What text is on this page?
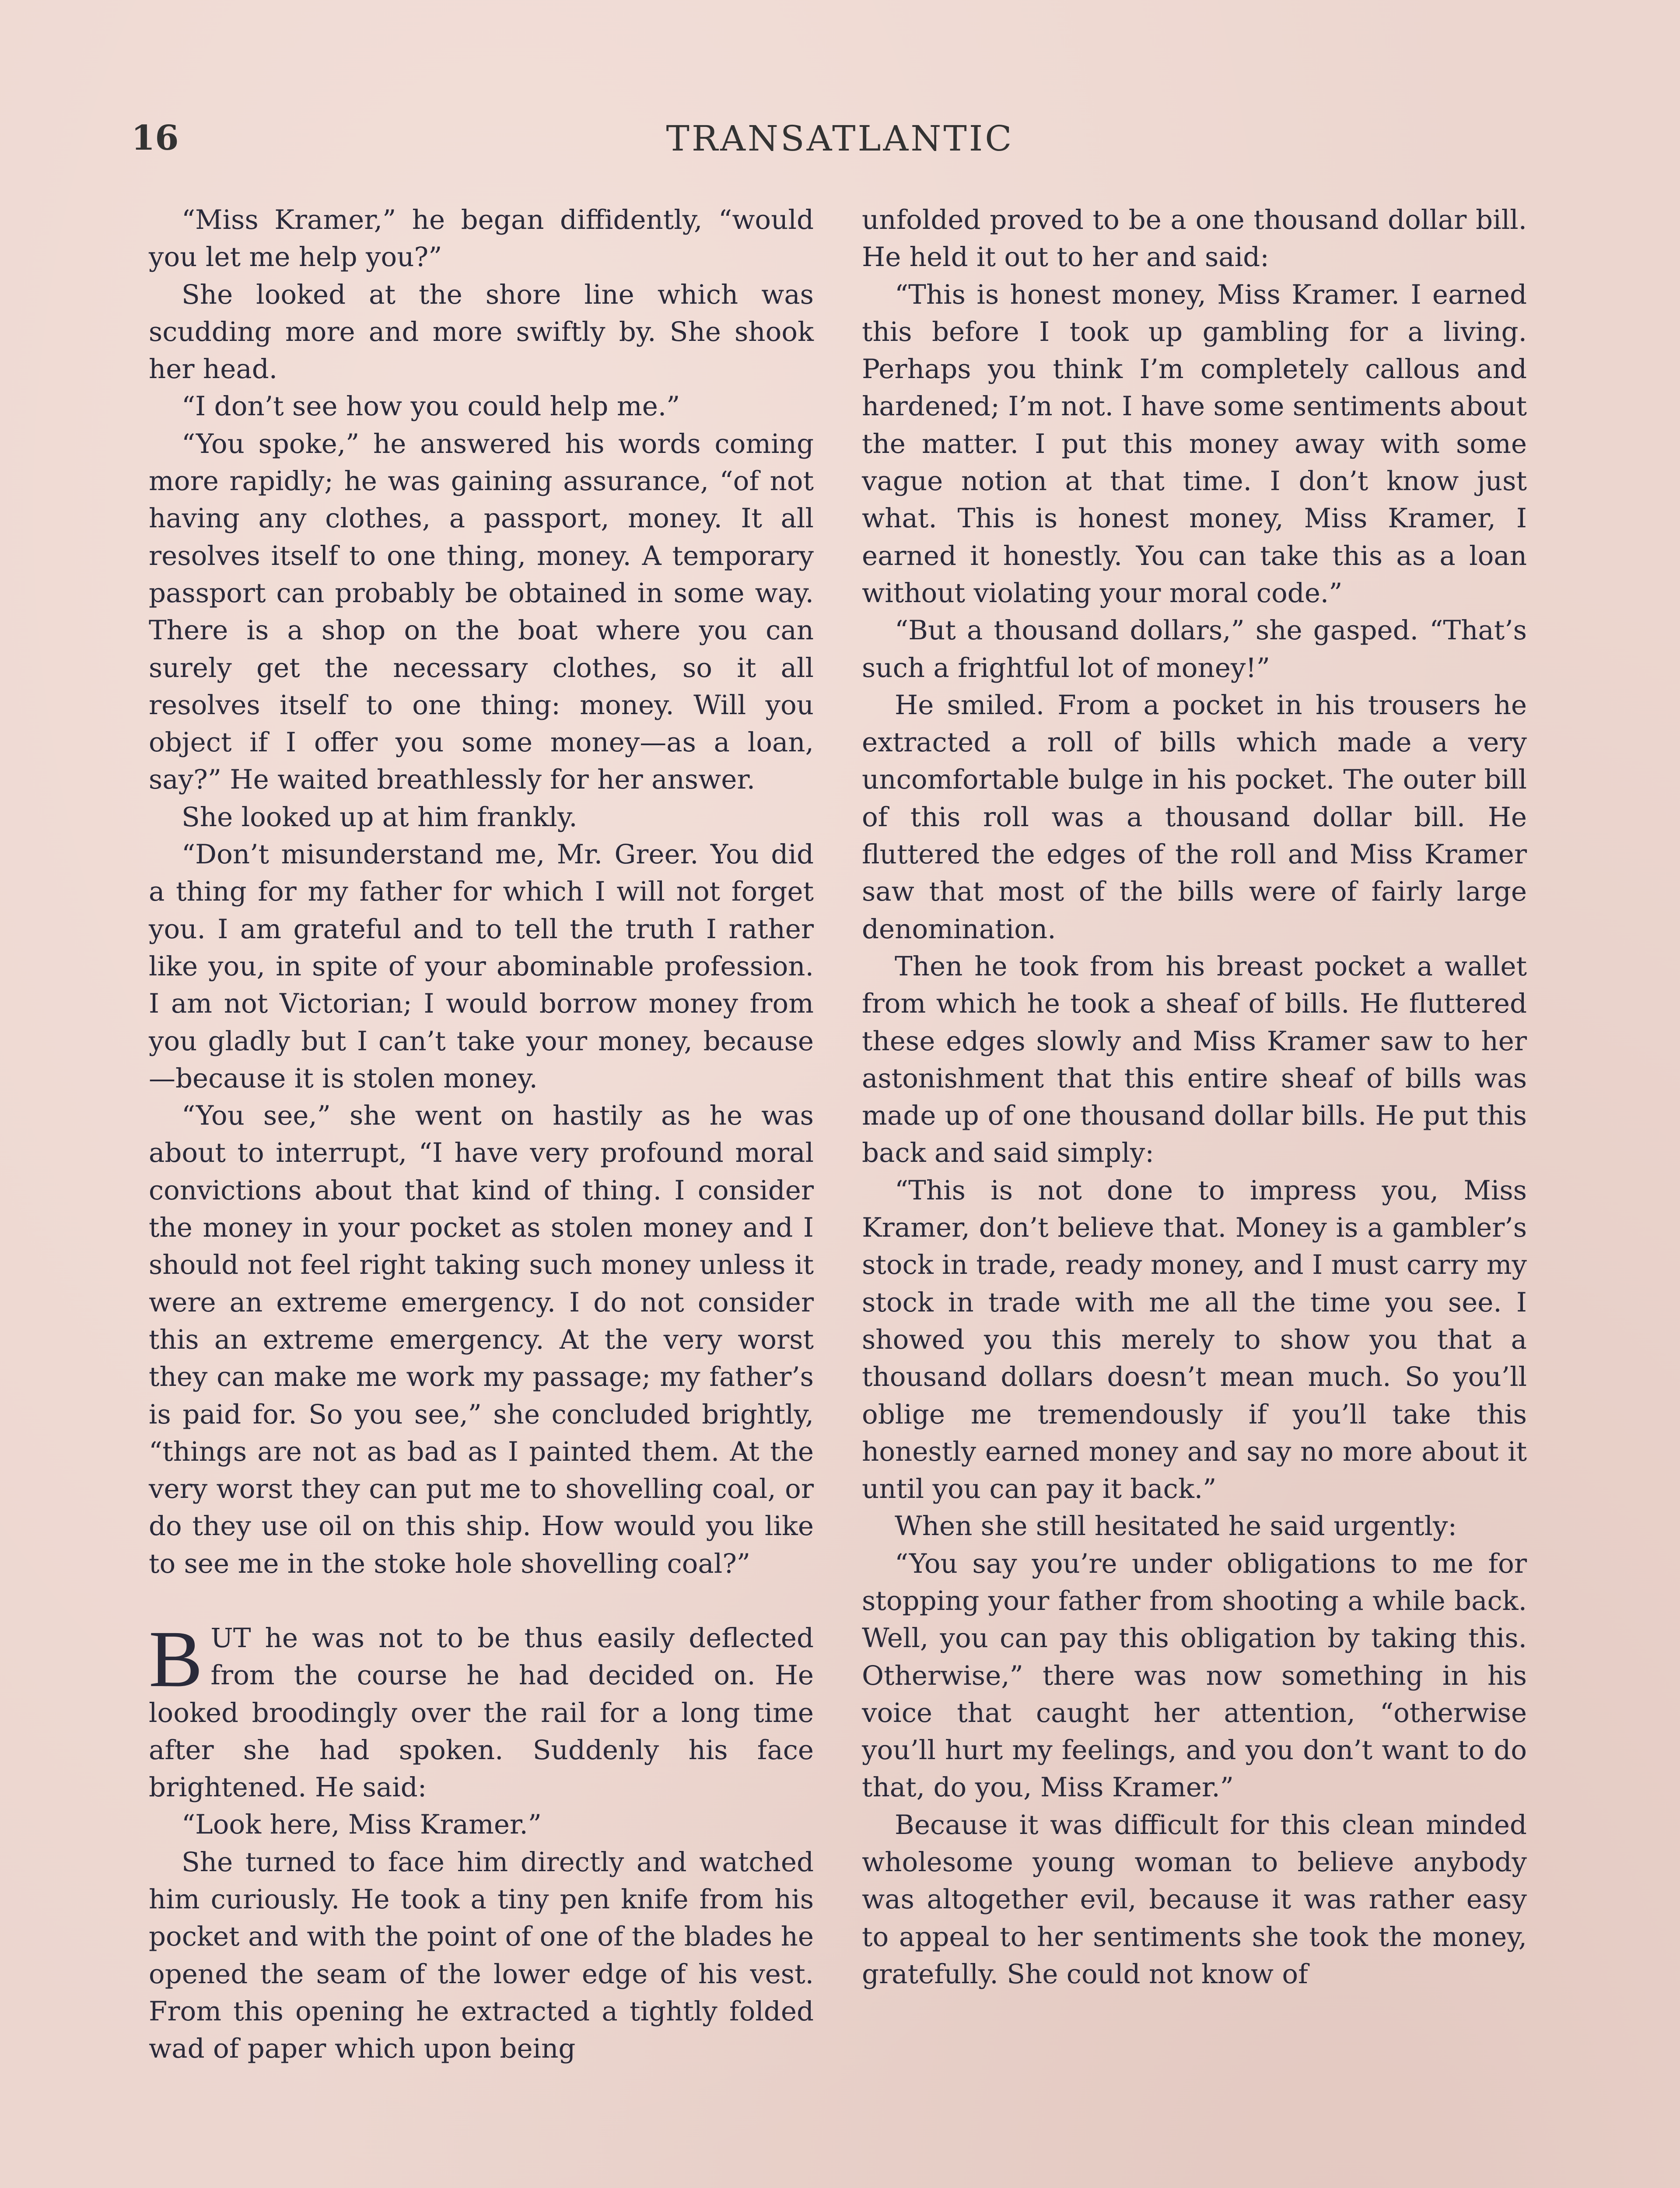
16	TRANSATLANTIC

“Miss Kramer,” he began diffidently, “would you let me help you?”

She looked at the shore line which was scudding more and more swiftly by. She shook her head.

“I don’t see how you could help me.”

“You spoke,” he answered his words coming more rapidly; he was gaining assurance, “of not having any clothes, a passport, money. It all resolves itself to one thing, money. A temporary passport can probably be obtained in some way. There is a shop on the boat where you can surely get the necessary clothes, so it all resolves itself to one thing: money. Will you object if I offer you some money—as a loan, say?” He waited breathlessly for her answer.

She looked up at him frankly.

“Don’t misunderstand me, Mr. Greer. You did a thing for my father for which I will not forget you. I am grateful and to tell the truth I rather like you, in spite of your abominable profession. I am not Victorian; I would borrow money from you gladly but I can’t take your money, because—because it is stolen money.

“You see,” she went on hastily as he was about to interrupt, “I have very profound moral convictions about that kind of thing. I consider the money in your pocket as stolen money and I should not feel right taking such money unless it were an extreme emergency. I do not consider this an extreme emergency. At the very worst they can make me work my passage; my father’s is paid for. So you see,” she concluded brightly, “things are not as bad as I painted them. At the very worst they can put me to shovelling coal, or do they use oil on this ship. How would you like to see me in the stoke hole shovelling coal?”

BUT he was not to be thus easily deflected from the course he had decided on. He looked broodingly over the rail for a long time after she had spoken. Suddenly his face brightened. He said:

“Look here, Miss Kramer.”

She turned to face him directly and watched him curiously. He took a tiny pen knife from his pocket and with the point of one of the blades he opened the seam of the lower edge of his vest. From this opening he extracted a tightly folded wad of paper which upon being

unfolded proved to be a one thousand dollar bill. He held it out to her and said:

“This is honest money, Miss Kramer. I earned this before I took up gambling for a living. Perhaps you think I’m completely callous and hardened; I’m not. I have some sentiments about the matter. I put this money away with some vague notion at that time. I don’t know just what. This is honest money, Miss Kramer, I earned it honestly. You can take this as a loan without violating your moral code.”

“But a thousand dollars,” she gasped. “That’s such a frightful lot of money!”

He smiled. From a pocket in his trousers he extracted a roll of bills which made a very uncomfortable bulge in his pocket. The outer bill of this roll was a thousand dollar bill. He fluttered the edges of the roll and Miss Kramer saw that most of the bills were of fairly large denomination.

Then he took from his breast pocket a wallet from which he took a sheaf of bills. He fluttered these edges slowly and Miss Kramer saw to her astonishment that this entire sheaf of bills was made up of one thousand dollar bills. He put this back and said simply:

“This is not done to impress you, Miss Kramer, don’t believe that. Money is a gambler’s stock in trade, ready money, and I must carry my stock in trade with me all the time you see. I showed you this merely to show you that a thousand dollars doesn’t mean much. So you’ll oblige me tremendously if you’ll take this honestly earned money and say no more about it until you can pay it back.”

When she still hesitated he said urgently:

“You say you’re under obligations to me for stopping your father from shooting a while back. Well, you can pay this obligation by taking this. Otherwise,” there was now something in his voice that caught her attention, “otherwise you’ll hurt my feelings, and you don’t want to do that, do you, Miss Kramer.”

Because it was difficult for this clean minded wholesome young woman to believe anybody was altogether evil, because it was rather easy to appeal to her sentiments she took the money, gratefully. She could not know of
